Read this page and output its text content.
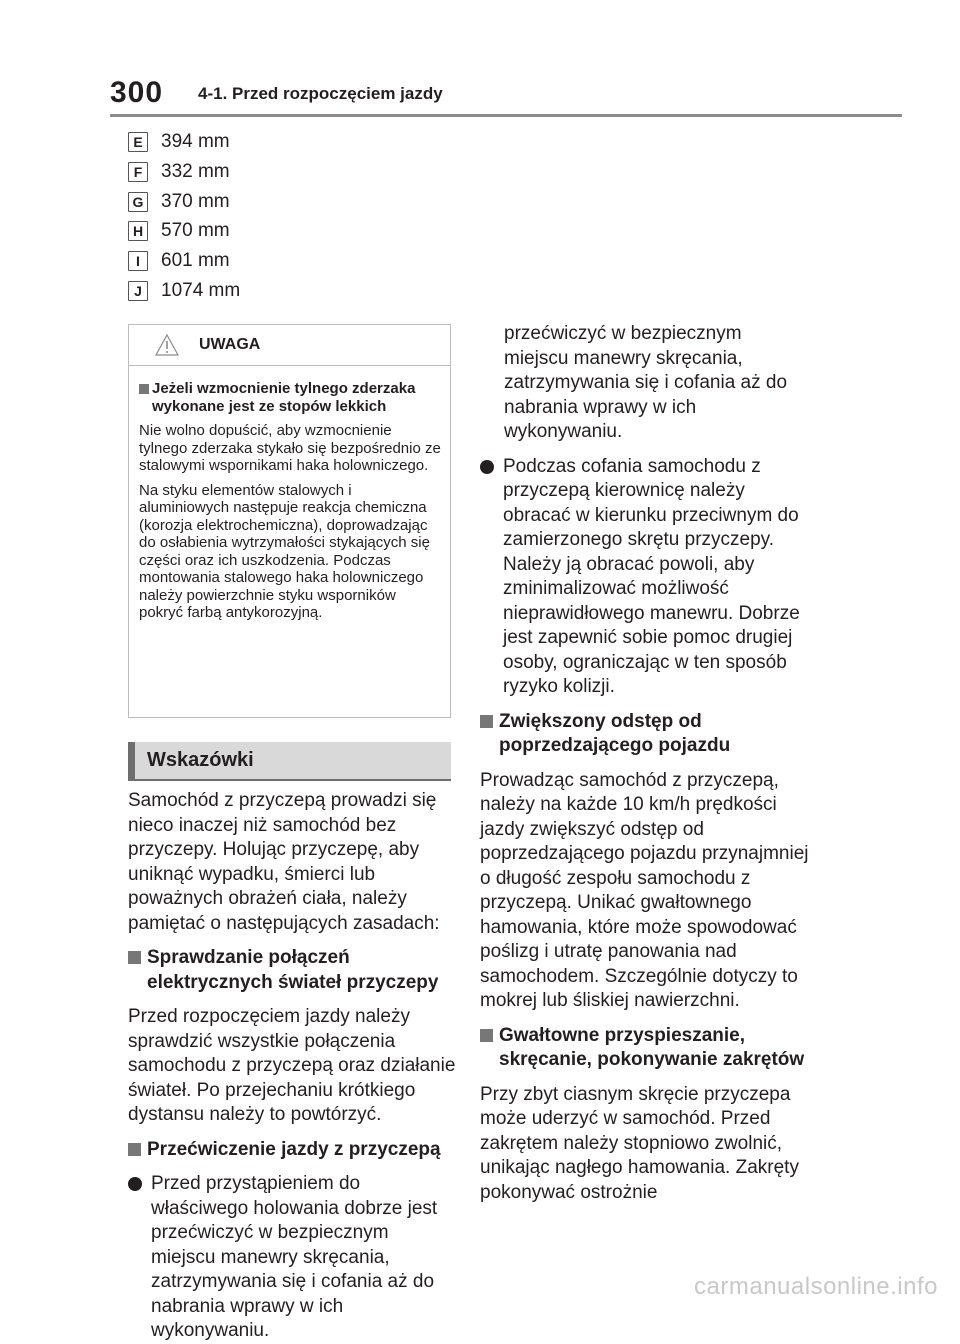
300 4-1. Przed rozpoczęciem jazdy
E 394 mm
F 332 mm
G 370 mm
H 570 mm
I	601 mm
J	1074 mm
UWAGA
Jeżeli wzmocnienie tylnego zderzaka wykonane jest ze stopów lekkich

Nie wolno dopuścić, aby wzmocnienie tylnego zderzaka stykało się bezpośrednio ze stalowymi wspornikami haka holowniczego.

Na styku elementów stalowych i aluminiowych następuje reakcja chemiczna (korozja elektrochemiczna), doprowadzając do osłabienia wytrzymałości stykających się części oraz ich uszkodzenia. Podczas montowania stalowego haka holowniczego należy powierzchnie styku wsporników pokryć farbą antykorozyjną.

Wskazówki

Samochód z przyczepą prowadzi się nieco inaczej niż samochód bez przyczepy. Holując przyczepę, aby uniknąć wypadku, śmierci lub poważnych obrażeń ciała, należy pamiętać o następujących zasadach:

Sprawdzanie połączeń elektrycznych świateł przyczepy

Przed rozpoczęciem jazdy należy sprawdzić wszystkie połączenia samochodu z przyczepą oraz działanie świateł. Po przejechaniu krótkiego dystansu należy to powtórzyć.

Przećwiczenie jazdy z przyczepą
Przed przystąpieniem do właściwego holowania dobrze jest przećwiczyć w bezpiecznym miejscu manewry skręcania, zatrzymywania się i cofania aż do nabrania wprawy w ich wykonywaniu.

przećwiczyć w bezpiecznym miejscu manewry skręcania, zatrzymywania się i cofania aż do nabrania wprawy w ich wykonywaniu.

Podczas cofania samochodu z przyczepą kierownicę należy obracać w kierunku przeciwnym do zamierzonego skrętu przyczepy. Należy ją obracać powoli, aby zminimalizować możliwość nieprawidłowego manewru. Dobrze jest zapewnić sobie pomoc drugiej osoby, ograniczając w ten sposób ryzyko kolizji.
Zwiększony odstęp od poprzedzającego pojazdu

Prowadząc samochód z przyczepą, należy na każde 10 km/h prędkości jazdy zwiększyć odstęp od poprzedzającego pojazdu przynajmniej o długość zespołu samochodu z przyczepą. Unikać gwałtownego hamowania, które może spowodować poślizg i utratę panowania nad samochodem. Szczególnie dotyczy to mokrej lub śliskiej nawierzchni.

Gwałtowne przyspieszanie, skręcanie, pokonywanie zakrętów

Przy zbyt ciasnym skręcie przyczepa może uderzyć w samochód. Przed zakrętem należy stopniowo zwolnić, unikając nagłego hamowania. Zakręty pokonywać ostrożnie

carmanualsonline.info
